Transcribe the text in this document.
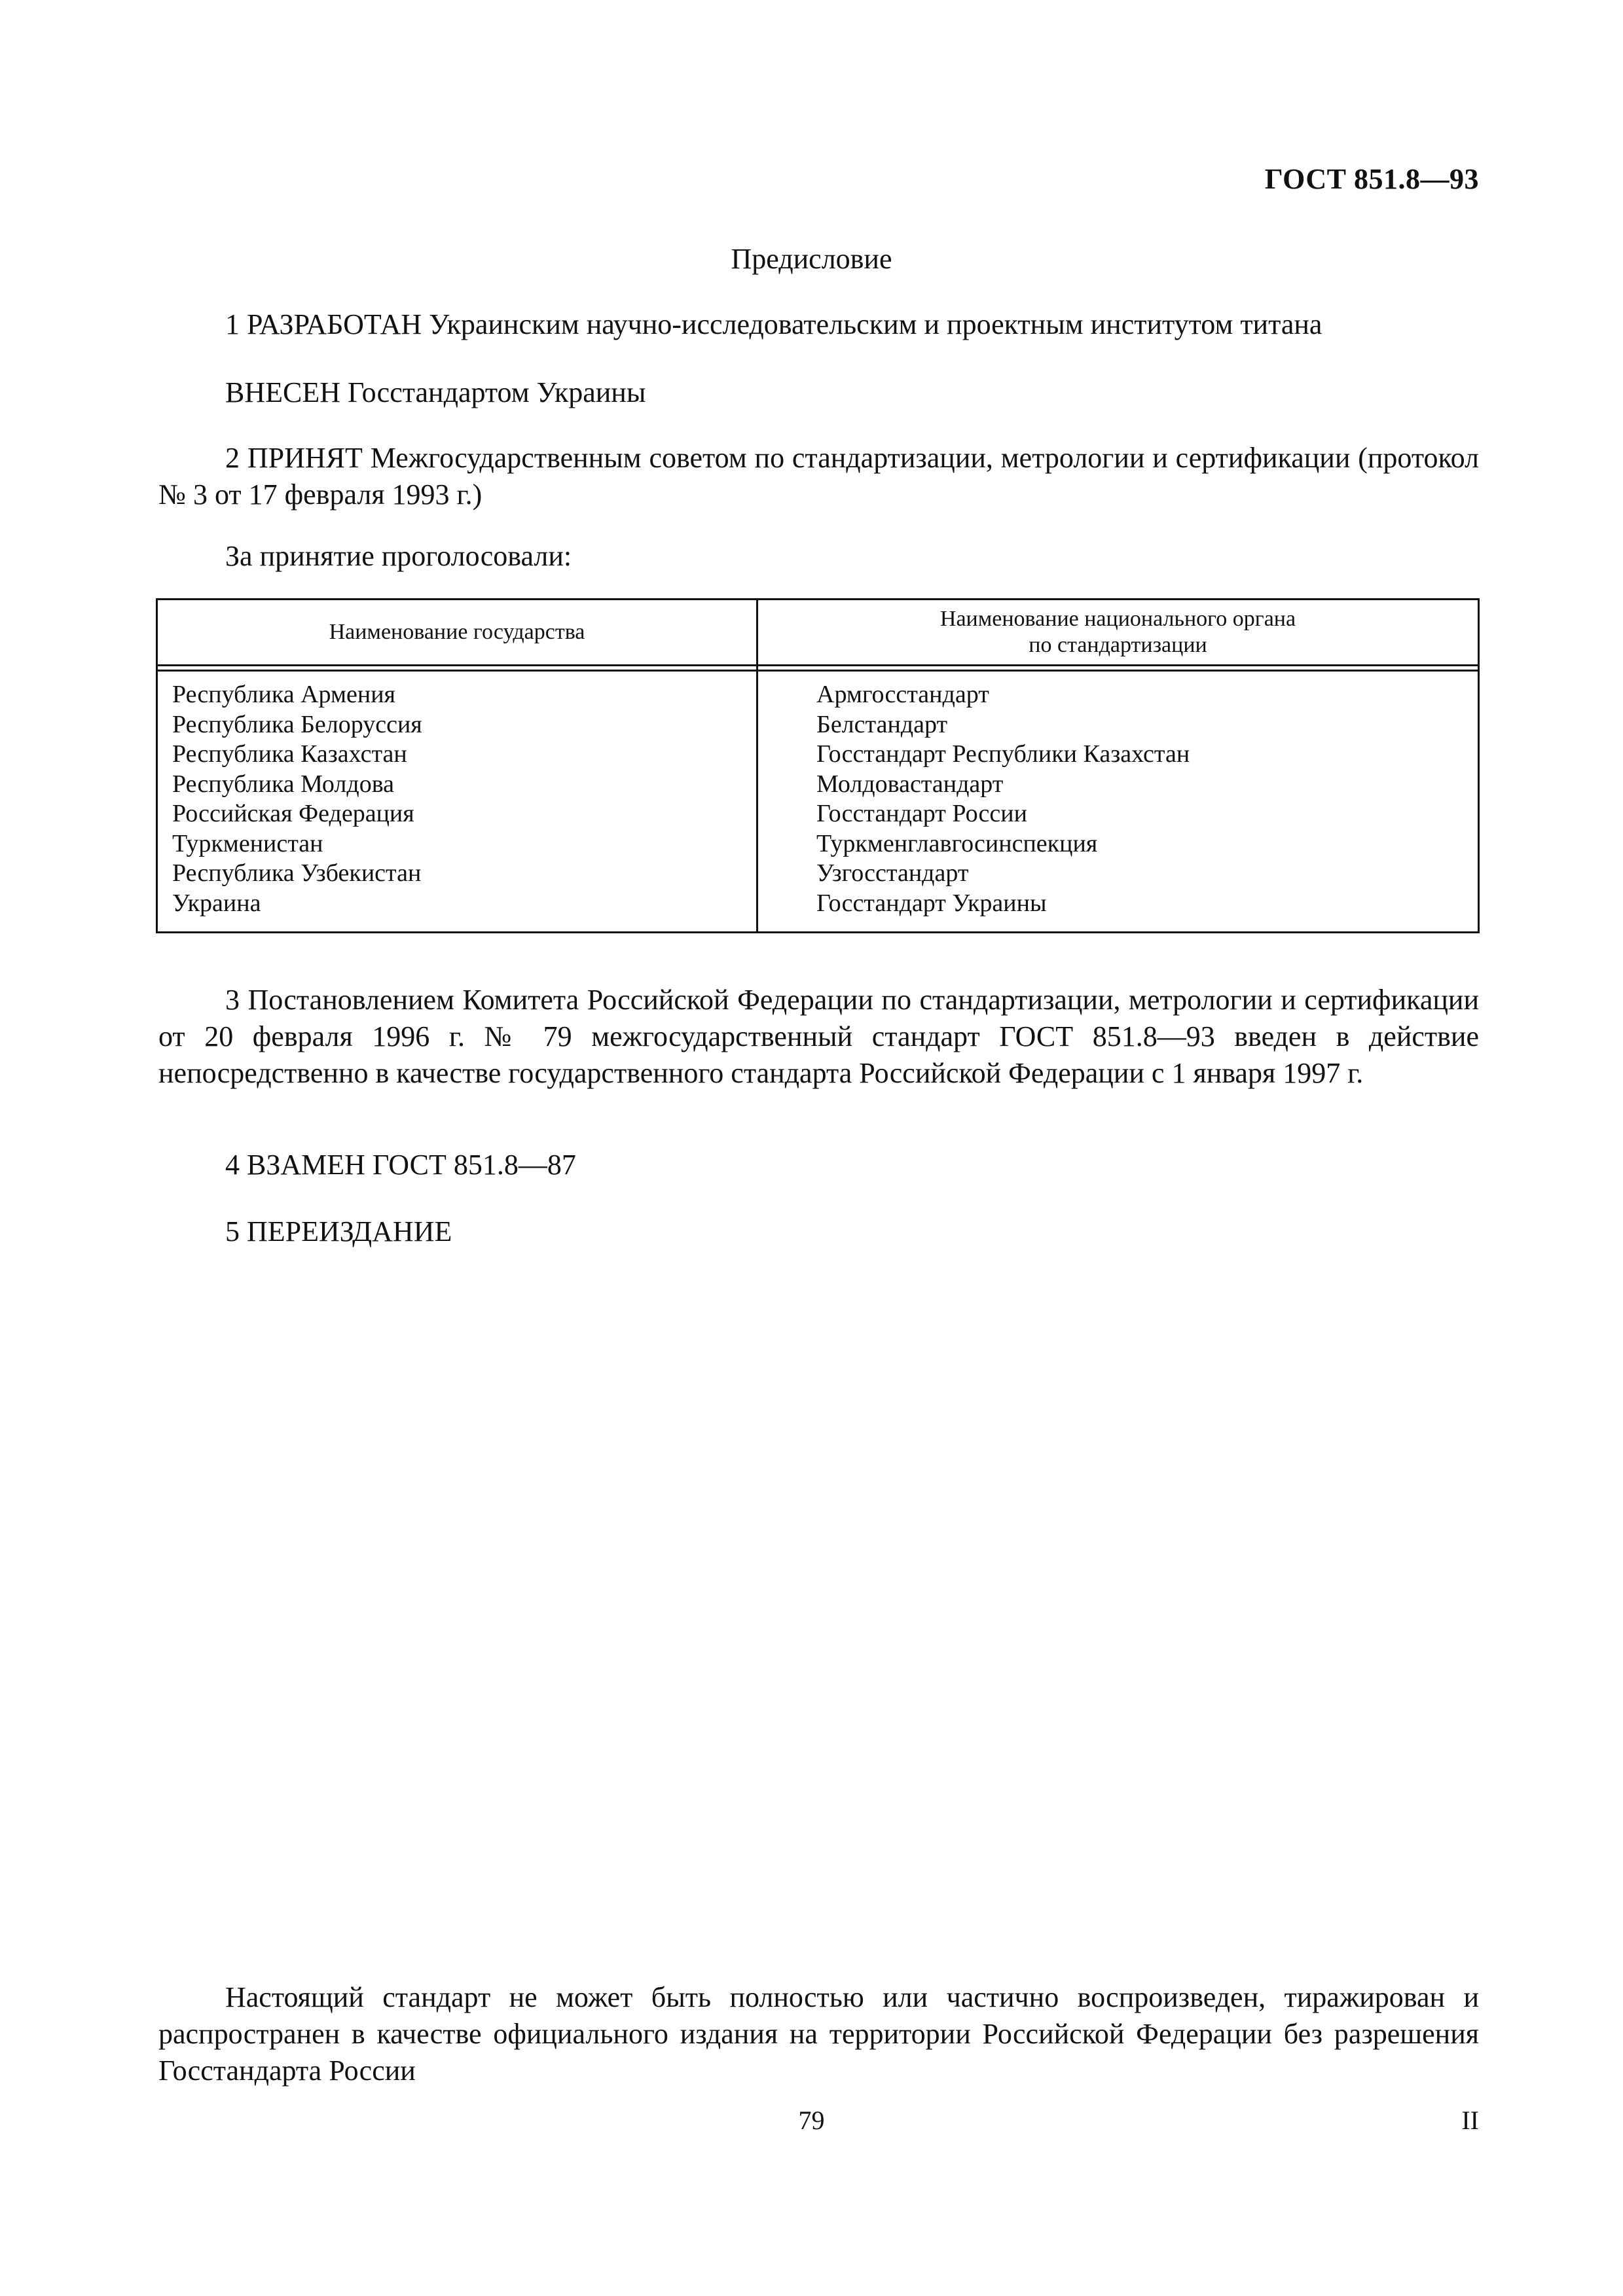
ГОСТ 851.8—93
Предисловие
1 РАЗРАБОТАН Украинским научно-исследовательским и проектным институтом титана
ВНЕСЕН Госстандартом Украины
2 ПРИНЯТ Межгосударственным советом по стандартизации, метрологии и сертификации (протокол № 3 от 17 февраля 1993 г.)
За принятие проголосовали:
Наименование государства
Наименование национального органа
по стандартизации
Республика Армения
Республика Белоруссия
Республика Казахстан
Республика Молдова
Российская Федерация
Туркменистан
Республика Узбекистан
Украина
Армгосстандарт
Белстандарт
Госстандарт Республики Казахстан
Молдовастандарт
Госстандарт России
Туркменглавгосинспекция
Узгосстандарт
Госстандарт Украины
3 Постановлением Комитета Российской Федерации по стандартизации, метрологии и сертификации от 20 февраля 1996 г. № 79 межгосударственный стандарт ГОСТ 851.8—93 введен в действие непосредственно в качестве государственного стандарта Российской Федерации с 1 января 1997 г.
4 ВЗАМЕН ГОСТ 851.8—87
5 ПЕРЕИЗДАНИЕ
Настоящий стандарт не может быть полностью или частично воспроизведен, тиражирован и распространен в качестве официального издания на территории Российской Федерации без разрешения Госстандарта России
79	II
